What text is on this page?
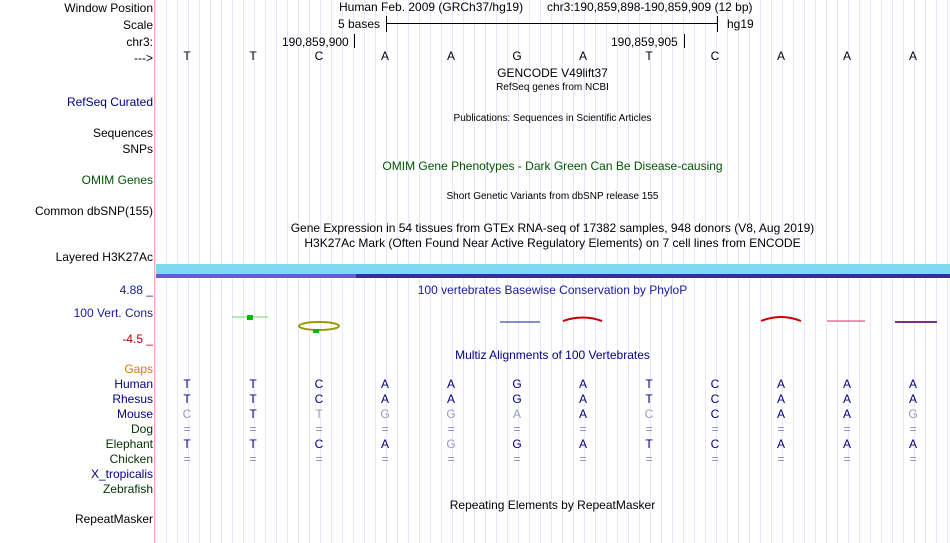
Window Position	Human Feb. 2009 (GRCh37/hg19) chr3:190,859,898-190,859,909 (12 bp)
Scale	5 bases	hg19
chr3:	190,859,900	190,859,905
--->	T	T	C	A	A	G	A	T	C	A	A	A
GENCODE V49lift37
RefSeq genes from NCBI
RefSeq Curated
Publications: Sequences in Scientific Articles
Sequences
SNPs
OMIM Gene Phenotypes - Dark Green Can Be Disease-causing
OMIM Genes
Short Genetic Variants from dbSNP release 155
Common dbSNP(155)
Gene Expression in 54 tissues from GTEx RNA-seq of 17382 samples, 948 donors (V8, Aug 2019)
H3K27Ac Mark (Often Found Near Active Regulatory Elements) on 7 cell lines from ENCODE
Layered H3K27Ac
4.88 _	100 vertebrates Basewise Conservation by PhyloP
100 Vert. Cons
-4.5 _
Multiz Alignments of 100 Vertebrates
Gaps
Human	T	T	C	A	A	G	A	T	C	A	A	A
Rhesus	T	T	C	A	A	G	A	T	C	A	A	A
Mouse	C	T	T	G	G	A	A	C	C	A	A	G
Dog	=	=	=	=	=	=	=	=	=	=	=	=
Elephant	T	T	C	A	G	G	A	T	C	A	A	A
Chicken	=	=	=	=	=	=	=	=	=	=	=	=
X_tropicalis
Zebrafish
Repeating Elements by RepeatMasker
RepeatMasker
